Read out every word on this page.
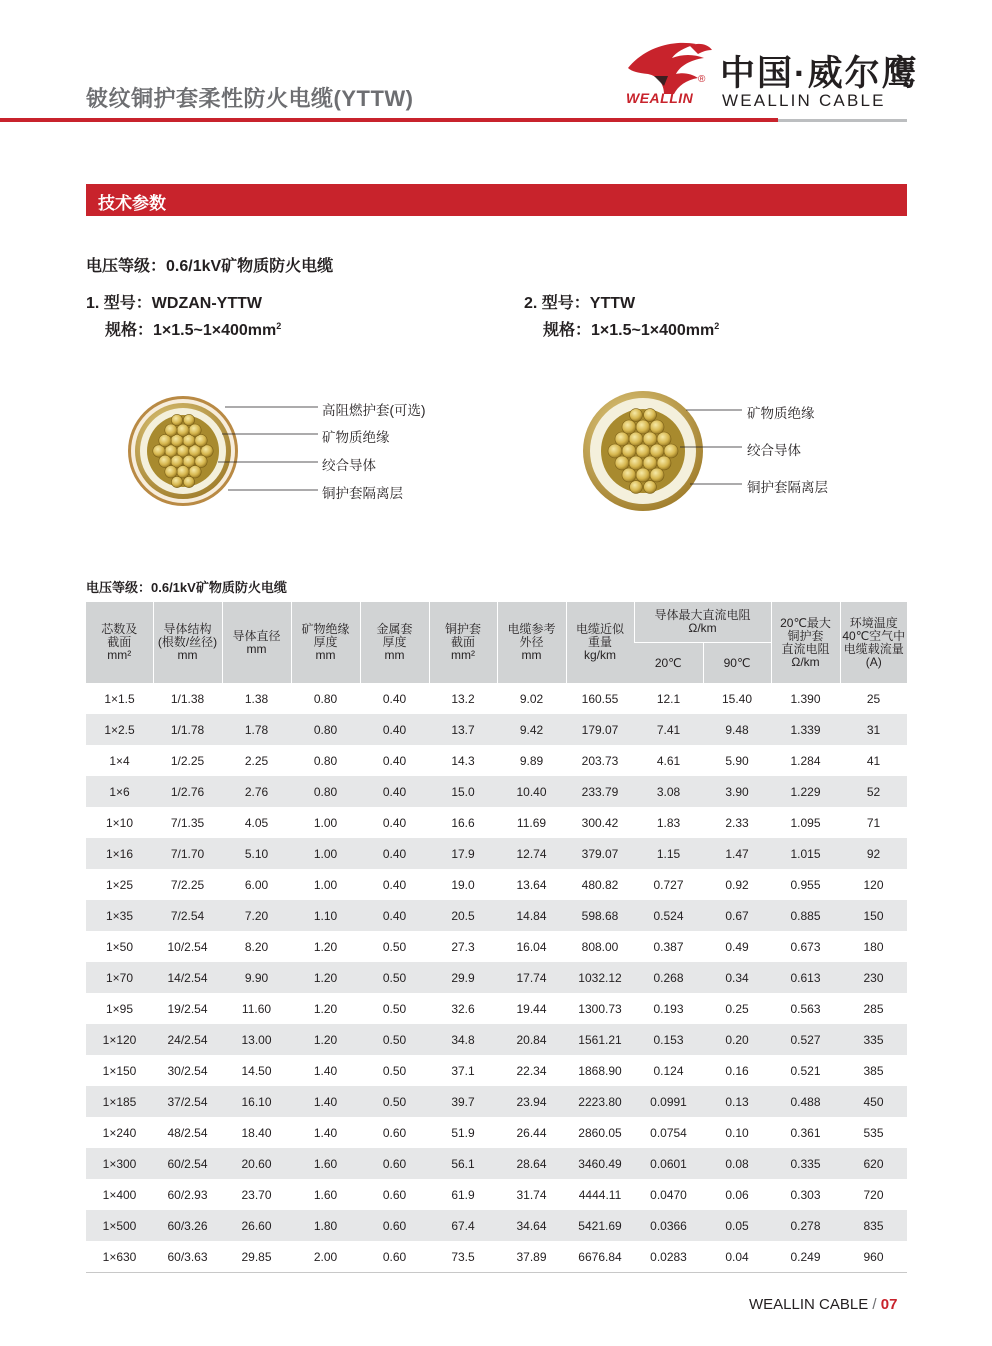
铍纹铜护套柔性防火电缆(YTTW)
®
WEALLIN
中国·威尔鹰
WEALLIN CABLE
技术参数
电压等级：0.6/1kV矿物质防火电缆
1. 型号：WDZAN-YTTW
规格：$1\times 1.5\sim 1\times 400mm^2$
2. 型号：YTTW
规格：$1\times 1.5\sim 1\times 400mm^2$
高阻燃护套(可选)
矿物质绝缘
绞合导体
铜护套隔离层
矿物质绝缘
绞合导体
铜护套隔离层
电压等级：0.6/1kV矿物质防火电缆
芯数及
截面
mm²	导体结构
(根数/丝径)
mm	导体直径
mm	矿物绝缘
厚度
mm	金属套
厚度
mm	铜护套
截面
mm²	电缆参考
外径
mm	电缆近似
重量
kg/km	导体最大直流电阻
Ω/km		20℃最大
铜护套
直流电阻
Ω/km	环境温度
40℃空气中
电缆载流量
(A)
								20℃	90℃		
1×1.5	1/1.38	1.38	0.80	0.40	13.2	9.02	160.55	12.1	15.40	1.390	25
1×2.5	1/1.78	1.78	0.80	0.40	13.7	9.42	179.07	7.41	9.48	1.339	31
1×4	1/2.25	2.25	0.80	0.40	14.3	9.89	203.73	4.61	5.90	1.284	41
1×6	1/2.76	2.76	0.80	0.40	15.0	10.40	233.79	3.08	3.90	1.229	52
1×10	7/1.35	4.05	1.00	0.40	16.6	11.69	300.42	1.83	2.33	1.095	71
1×16	7/1.70	5.10	1.00	0.40	17.9	12.74	379.07	1.15	1.47	1.015	92
1×25	7/2.25	6.00	1.00	0.40	19.0	13.64	480.82	0.727	0.92	0.955	120
1×35	7/2.54	7.20	1.10	0.40	20.5	14.84	598.68	0.524	0.67	0.885	150
1×50	10/2.54	8.20	1.20	0.50	27.3	16.04	808.00	0.387	0.49	0.673	180
1×70	14/2.54	9.90	1.20	0.50	29.9	17.74	1032.12	0.268	0.34	0.613	230
1×95	19/2.54	11.60	1.20	0.50	32.6	19.44	1300.73	0.193	0.25	0.563	285
1×120	24/2.54	13.00	1.20	0.50	34.8	20.84	1561.21	0.153	0.20	0.527	335
1×150	30/2.54	14.50	1.40	0.50	37.1	22.34	1868.90	0.124	0.16	0.521	385
1×185	37/2.54	16.10	1.40	0.50	39.7	23.94	2223.80	0.0991	0.13	0.488	450
1×240	48/2.54	18.40	1.40	0.60	51.9	26.44	2860.05	0.0754	0.10	0.361	535
1×300	60/2.54	20.60	1.60	0.60	56.1	28.64	3460.49	0.0601	0.08	0.335	620
1×400	60/2.93	23.70	1.60	0.60	61.9	31.74	4444.11	0.0470	0.06	0.303	720
1×500	60/3.26	26.60	1.80	0.60	67.4	34.64	5421.69	0.0366	0.05	0.278	835
1×630	60/3.63	29.85	2.00	0.60	73.5	37.89	6676.84	0.0283	0.04	0.249	960
WEALLIN CABLE / 07
